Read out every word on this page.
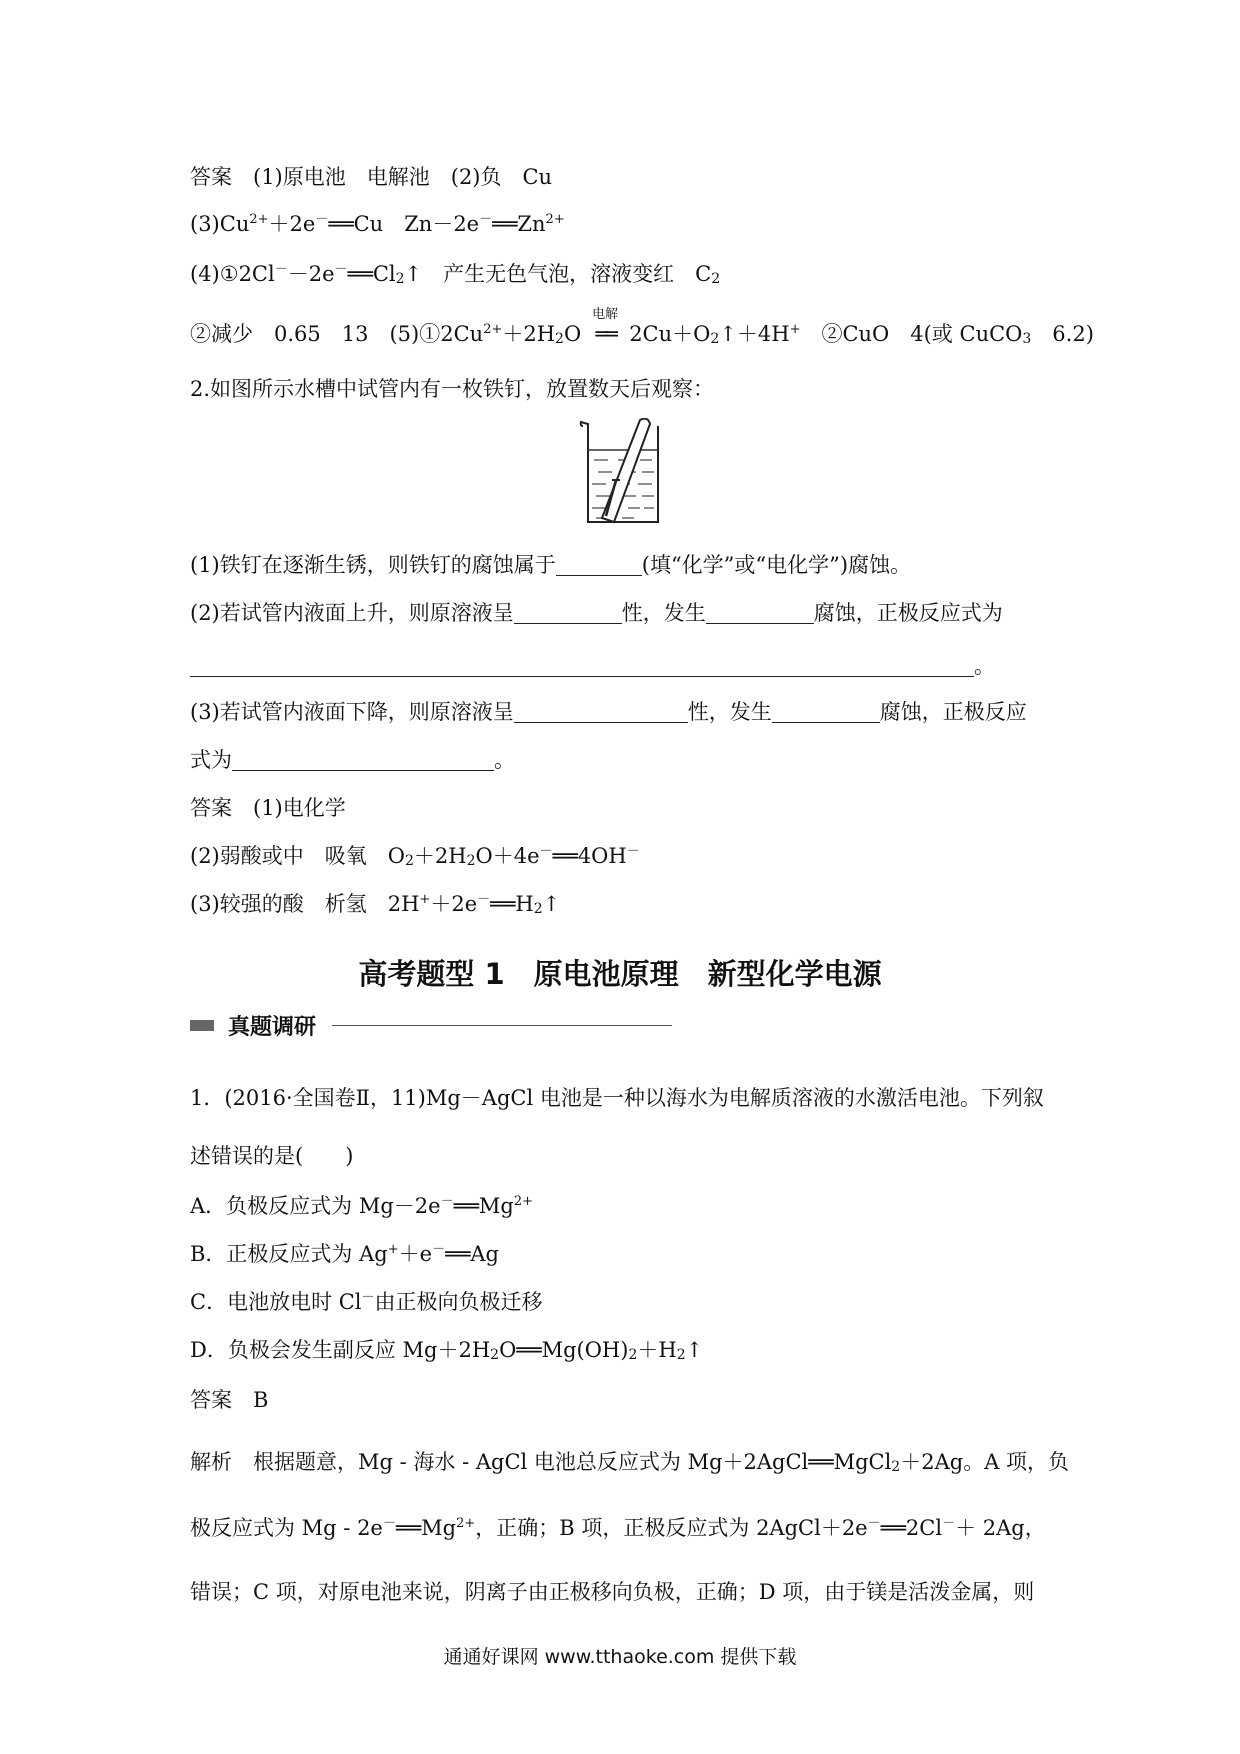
答案　(1)原电池　电解池　(2)负　Cu
$(3)Cu^{2+}+2e^-══Cu$　$Zn-2e^-══Zn^{2+}$
$(4)①2Cl^--2e^-══Cl_2↑$　产生无色气泡，溶液变红　$C_2$
②减少　0.65　13　$(5)①2Cu^{2+}+2H_2O$
电解
══ $2Cu+O_2↑+4H^+$　②CuO　4(或 CuCO$_3$　6.2)
2.如图所示水槽中试管内有一枚铁钉，放置数天后观察：
(1)铁钉在逐渐生锈，则铁钉的腐蚀属于	(填“化学”或“电化学”)腐蚀。
(2)若试管内液面上升，则原溶液呈	性，发生	腐蚀，正极反应式为
。
(3)若试管内液面下降，则原溶液呈	性，发生	腐蚀，正极反应
式为	。
答案　(1)电化学
(2)弱酸或中　吸氧　$O_2+2H_2O+4e^-══4OH^-$
(3)较强的酸　析氢　$2H^++2e^-══H_2↑$
高考题型 1　原电池原理　新型化学电源
真题调研
1．(2016·全国卷Ⅱ，11)Mg－AgCl 电池是一种以海水为电解质溶液的水激活电池。下列叙
述错误的是(　　)
A．负极反应式为 $Mg-2e^-══Mg^{2+}$
B．正极反应式为 Ag+＋e－══Ag
C．电池放电时 Cl－由正极向负极迁移
D．负极会发生副反应 $Mg+2H_2O══Mg(OH)_2+H_2↑$
答案　B
解析　根据题意，Mg - 海水 - AgCl 电池总反应式为 Mg＋2AgCl══MgCl$_2$＋2Ag。A 项，负
极反应式为 Mg - $2e^-══Mg^{2+}$，正确；B 项，正极反应式为 2AgCl＋2e－══2Cl－＋ 2Ag，
错误；C 项，对原电池来说，阴离子由正极移向负极，正确；D 项，由于镁是活泼金属，则
通通好课网 www.tthaoke.com 提供下载
